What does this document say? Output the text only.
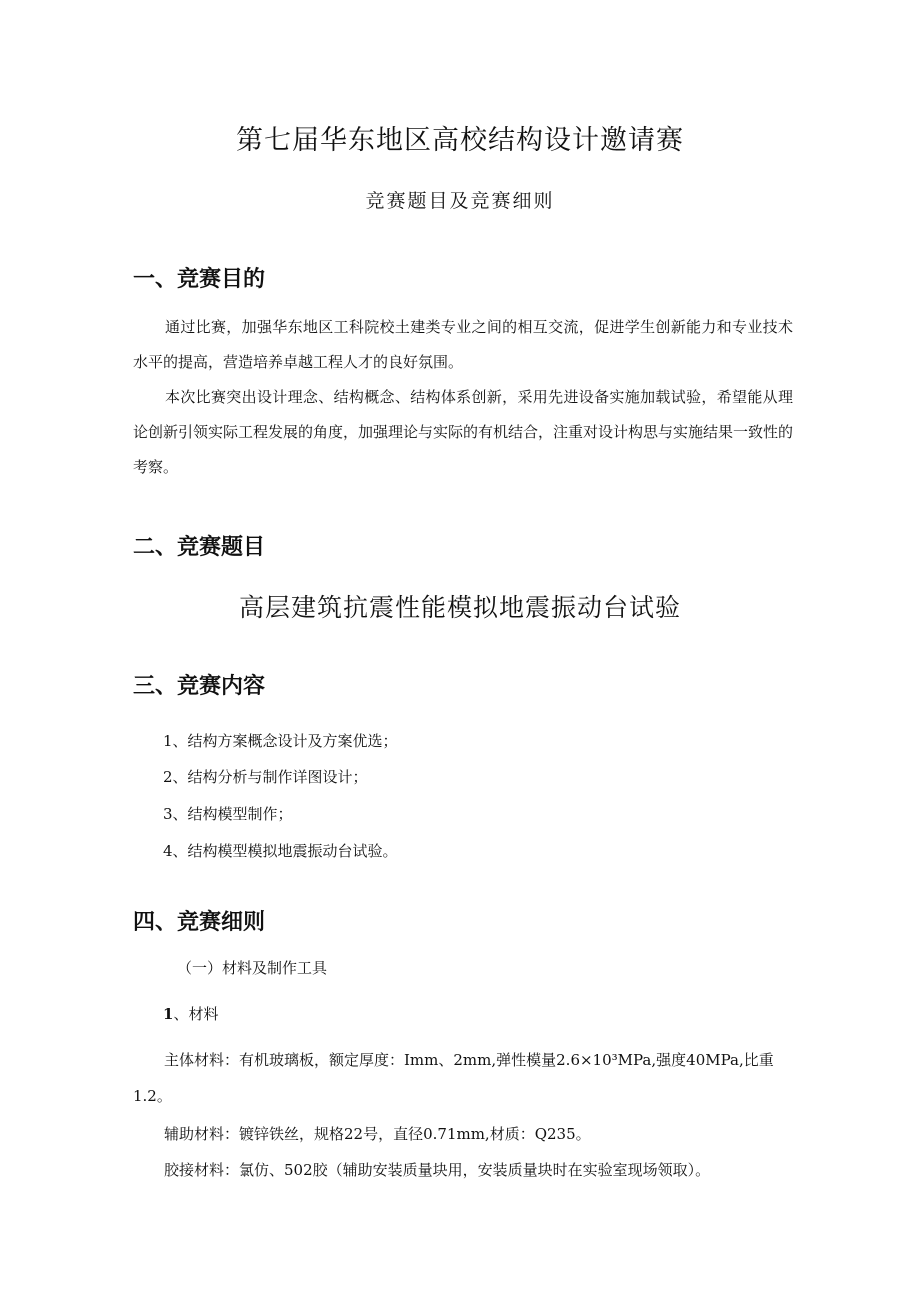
第七届华东地区高校结构设计邀请赛
竞赛题目及竞赛细则
一、竞赛目的
通过比赛，加强华东地区工科院校土建类专业之间的相互交流，促进学生创新能力和专业技术水平的提高，营造培养卓越工程人才的良好氛围。
本次比赛突出设计理念、结构概念、结构体系创新，采用先进设备实施加载试验，希望能从理论创新引领实际工程发展的角度，加强理论与实际的有机结合，注重对设计构思与实施结果一致性的考察。
二、竞赛题目
高层建筑抗震性能模拟地震振动台试验
三、竞赛内容
1、结构方案概念设计及方案优选；
2、结构分析与制作详图设计；
3、结构模型制作；
4、结构模型模拟地震振动台试验。
四、竞赛细则
（一）材料及制作工具
1、材料
主体材料：有机玻璃板，额定厚度：Imm、2mm,弹性模量2.6×10³MPa,强度40MPa,比重1.2。
辅助材料：镀锌铁丝，规格22号，直径0.71mm,材质：Q235。
胶接材料：氯仿、502胶（辅助安装质量块用，安装质量块时在实验室现场领取）。
